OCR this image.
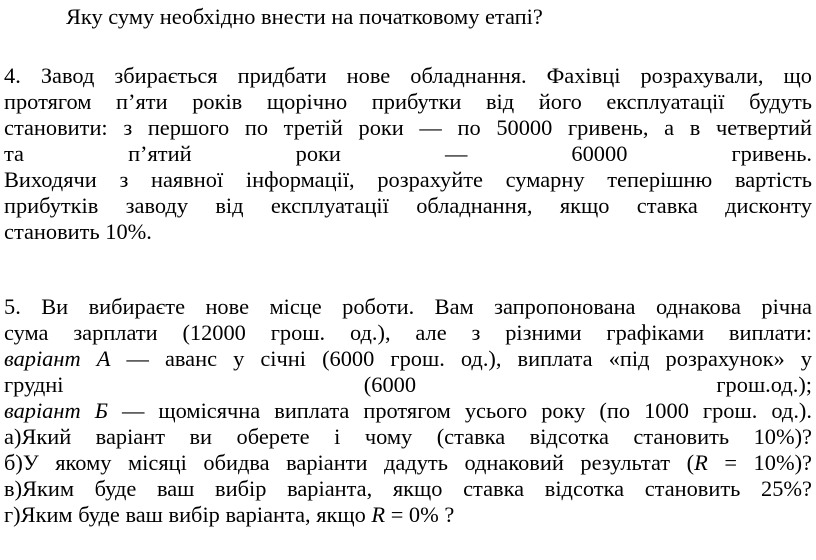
Яку суму необхідно внести на початковому етапі?
4. Завод збирається придбати нове обладнання. Фахівці розрахували, що
протягом п’яти років щорічно прибутки від його експлуатації будуть
становити: з першого по третій роки — по 50000 гривень, а в четвертий
та п’ятий роки — 60000 гривень.
Виходячи з наявної інформації, розрахуйте сумарну теперішню вартість
прибутків заводу від експлуатації обладнання, якщо ставка дисконту
становить 10%.
5. Ви вибираєте нове місце роботи. Вам запропонована однакова річна
сума зарплати (12000 грош. од.), але з різними графіками виплати:
варіант А — аванс у січні (6000 грош. од.), виплата «під розрахунок» у
грудні (6000 грош.од.);
варіант Б — щомісячна виплата протягом усього року (по 1000 грош. од.).
а)Який варіант ви оберете і чому (ставка відсотка становить 10%)?
б)У якому місяці обидва варіанти дадуть однаковий результат (R = 10%)?
в)Яким буде ваш вибір варіанта, якщо ставка відсотка становить 25%?
г)Яким буде ваш вибір варіанта, якщо R = 0% ?
